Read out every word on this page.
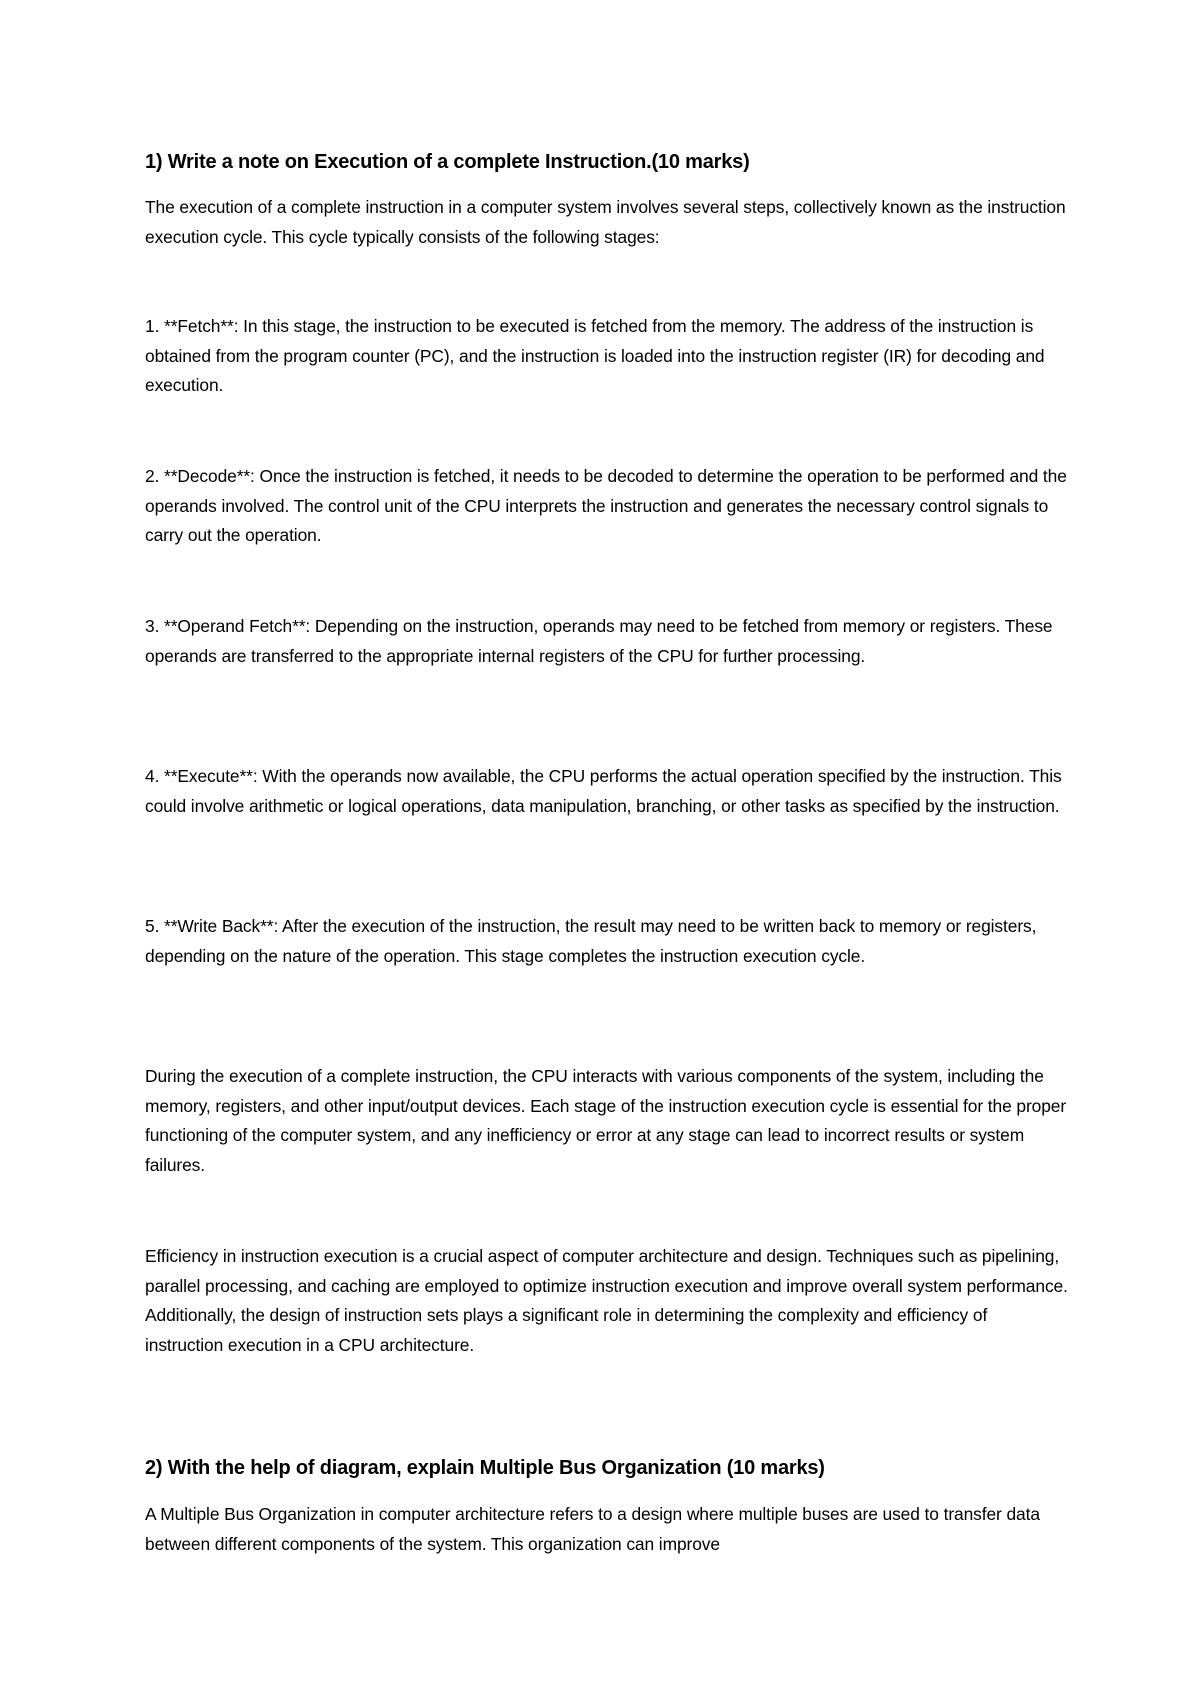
1) Write a note on Execution of a complete Instruction.(10 marks)

The execution of a complete instruction in a computer system involves several steps, collectively known as the instruction execution cycle. This cycle typically consists of the following stages:

1. **Fetch**: In this stage, the instruction to be executed is fetched from the memory. The address of the instruction is obtained from the program counter (PC), and the instruction is loaded into the instruction register (IR) for decoding and execution.

2. **Decode**: Once the instruction is fetched, it needs to be decoded to determine the operation to be performed and the operands involved. The control unit of the CPU interprets the instruction and generates the necessary control signals to carry out the operation.

3. **Operand Fetch**: Depending on the instruction, operands may need to be fetched from memory or registers. These operands are transferred to the appropriate internal registers of the CPU for further processing.

4. **Execute**: With the operands now available, the CPU performs the actual operation specified by the instruction. This could involve arithmetic or logical operations, data manipulation, branching, or other tasks as specified by the instruction.

5. **Write Back**: After the execution of the instruction, the result may need to be written back to memory or registers, depending on the nature of the operation. This stage completes the instruction execution cycle.

During the execution of a complete instruction, the CPU interacts with various components of the system, including the memory, registers, and other input/output devices. Each stage of the instruction execution cycle is essential for the proper functioning of the computer system, and any inefficiency or error at any stage can lead to incorrect results or system failures.

Efficiency in instruction execution is a crucial aspect of computer architecture and design. Techniques such as pipelining, parallel processing, and caching are employed to optimize instruction execution and improve overall system performance. Additionally, the design of instruction sets plays a significant role in determining the complexity and efficiency of instruction execution in a CPU architecture.

2) With the help of diagram, explain Multiple Bus Organization (10 marks)

A Multiple Bus Organization in computer architecture refers to a design where multiple buses are used to transfer data between different components of the system. This organization can improve
